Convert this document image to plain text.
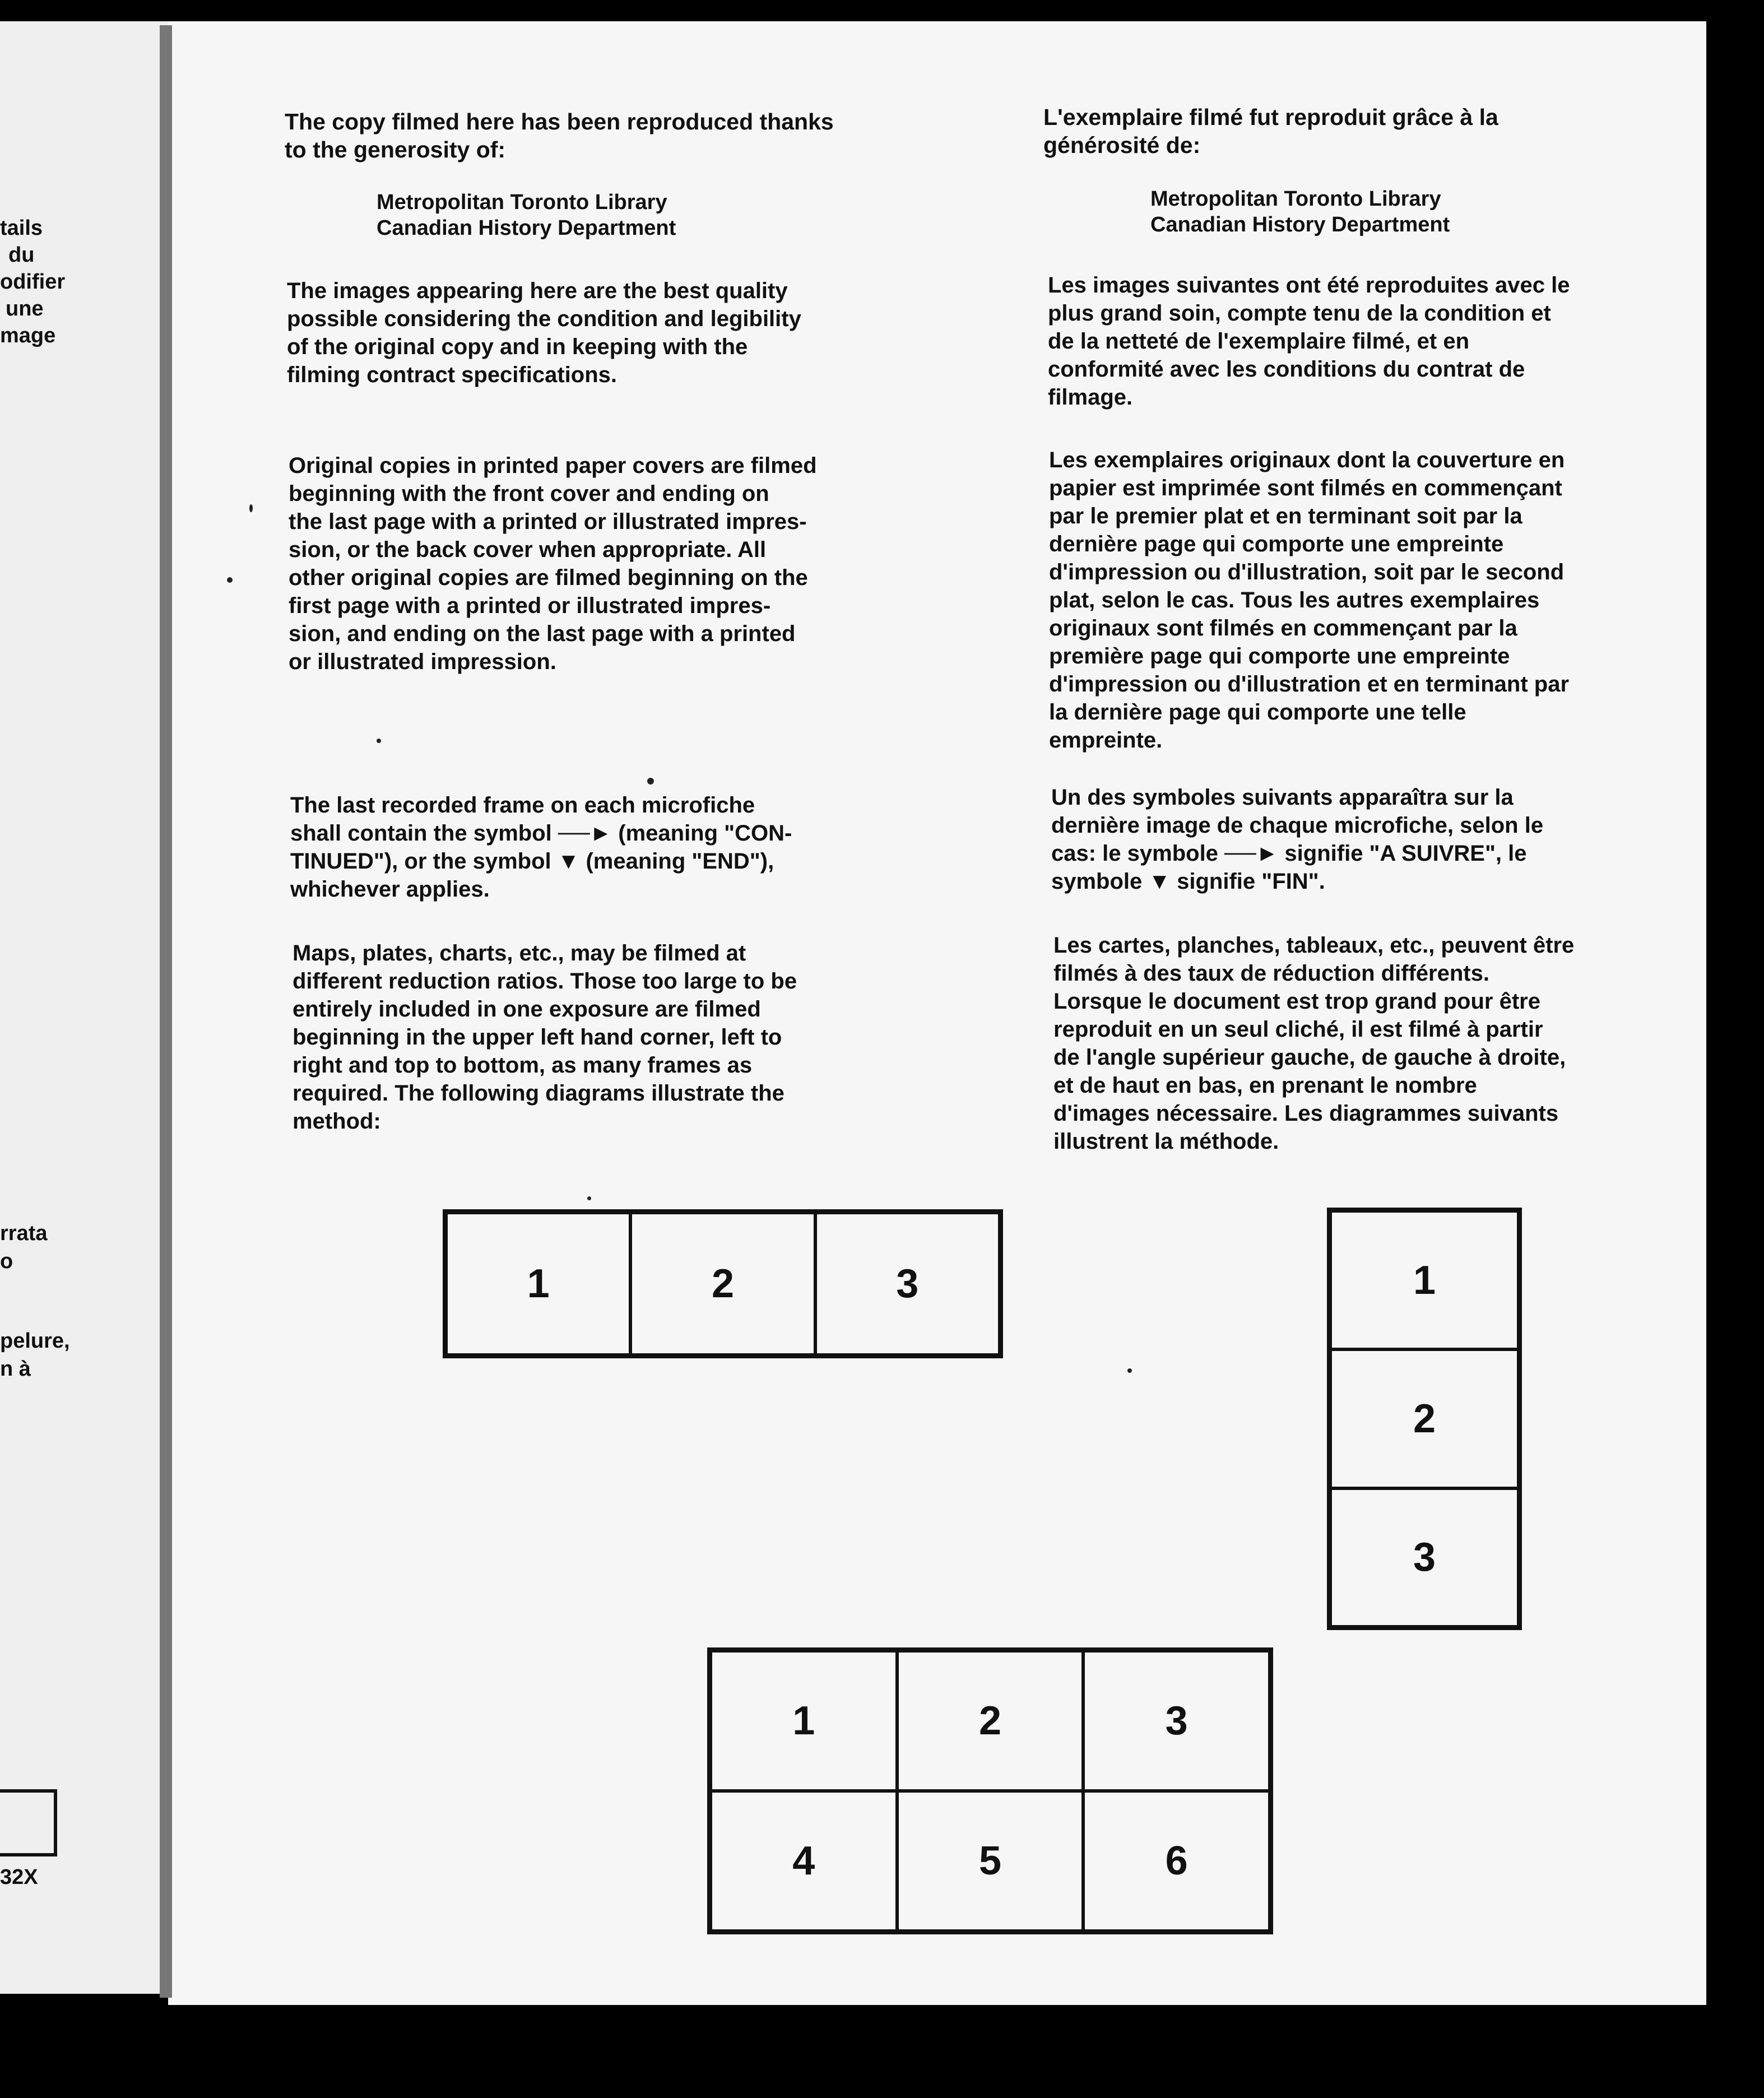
tails
du
odifier
une
mage
rrata
o
pelure,
n à
32X
The copy filmed here has been reproduced thanks
to the generosity of:
Metropolitan Toronto Library
Canadian History Department
The images appearing here are the best quality
possible considering the condition and legibility
of the original copy and in keeping with the
filming contract specifications.
Original copies in printed paper covers are filmed
beginning with the front cover and ending on
the last page with a printed or illustrated impres-
sion, or the back cover when appropriate. All
other original copies are filmed beginning on the
first page with a printed or illustrated impres-
sion, and ending on the last page with a printed
or illustrated impression.
The last recorded frame on each microfiche
shall contain the symbol ──► (meaning "CON-
TINUED"), or the symbol ▼ (meaning "END"),
whichever applies.
Maps, plates, charts, etc., may be filmed at
different reduction ratios. Those too large to be
entirely included in one exposure are filmed
beginning in the upper left hand corner, left to
right and top to bottom, as many frames as
required. The following diagrams illustrate the
method:
L'exemplaire filmé fut reproduit grâce à la
générosité de:
Metropolitan Toronto Library
Canadian History Department
Les images suivantes ont été reproduites avec le
plus grand soin, compte tenu de la condition et
de la netteté de l'exemplaire filmé, et en
conformité avec les conditions du contrat de
filmage.
Les exemplaires originaux dont la couverture en
papier est imprimée sont filmés en commençant
par le premier plat et en terminant soit par la
dernière page qui comporte une empreinte
d'impression ou d'illustration, soit par le second
plat, selon le cas. Tous les autres exemplaires
originaux sont filmés en commençant par la
première page qui comporte une empreinte
d'impression ou d'illustration et en terminant par
la dernière page qui comporte une telle
empreinte.
Un des symboles suivants apparaîtra sur la
dernière image de chaque microfiche, selon le
cas: le symbole ──► signifie "A SUIVRE", le
symbole ▼ signifie "FIN".
Les cartes, planches, tableaux, etc., peuvent être
filmés à des taux de réduction différents.
Lorsque le document est trop grand pour être
reproduit en un seul cliché, il est filmé à partir
de l'angle supérieur gauche, de gauche à droite,
et de haut en bas, en prenant le nombre
d'images nécessaire. Les diagrammes suivants
illustrent la méthode.
1	2	3	1
2
3
1	2	3
4	5	6
